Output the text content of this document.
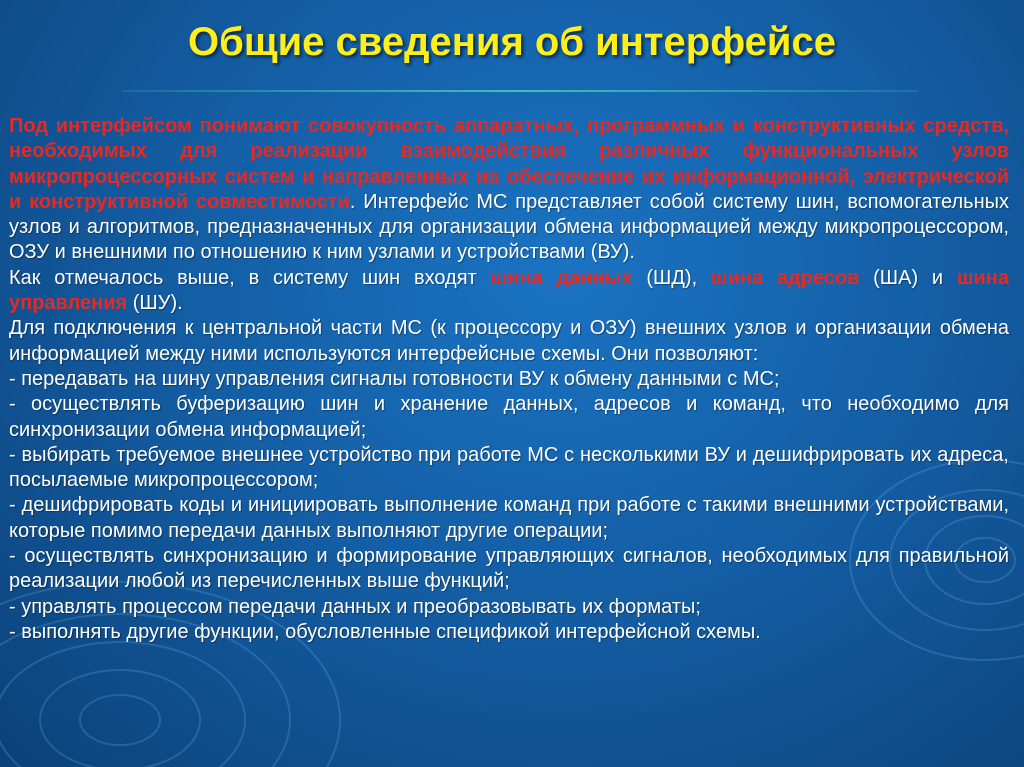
Общие сведения об интерфейсе

Под интерфейсом понимают совокупность аппаратных, программных и конструктивных средств, необходимых для реализации взаимодействия различных функциональных узлов микропроцессорных систем и направленных на обеспечение их информационной, электрической и конструктивной совместимости. Интерфейс МС представляет собой систему шин, вспомогательных узлов и алгоритмов, предназначенных для организации обмена информацией между микропроцессором, ОЗУ и внешними по отношению к ним узлами и устройствами (ВУ).

Как отмечалось выше, в систему шин входят шина данных (ШД), шина адресов (ША) и шина управления (ШУ).

Для подключения к центральной части МС (к процессору и ОЗУ) внешних узлов и организации обмена информацией между ними используются интерфейсные схемы. Они позволяют:

- передавать на шину управления сигналы готовности ВУ к обмену данными с МС;

- осуществлять буферизацию шин и хранение данных, адресов и команд, что необходимо для синхронизации обмена информацией;

- выбирать требуемое внешнее устройство при работе МС с несколькими ВУ и дешифрировать их адреса, посылаемые микропроцессором;

- дешифрировать коды и инициировать выполнение команд при работе с такими внешними устройствами, которые помимо передачи данных выполняют другие операции;

- осуществлять синхронизацию и формирование управляющих сигналов, необходимых для правильной реализации любой из перечисленных выше функций;

- управлять процессом передачи данных и преобразовывать их форматы;

- выполнять другие функции, обусловленные спецификой интерфейсной схемы.
